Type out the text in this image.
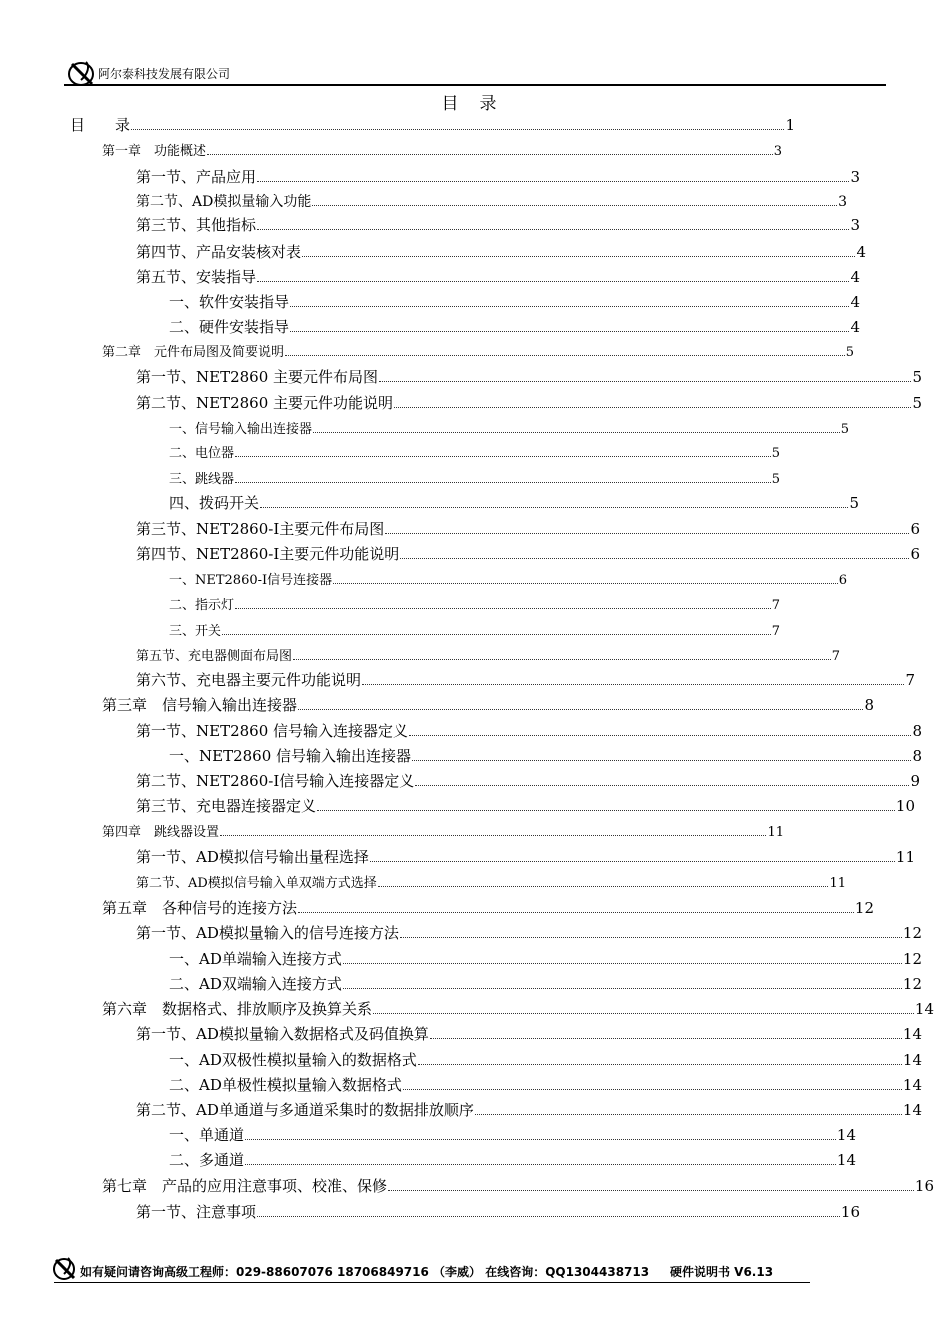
阿尔泰科技发展有限公司
目　录
目　　录	1
第一章　功能概述	3
第一节、产品应用	3
第二节、AD模拟量输入功能	3
第三节、其他指标	3
第四节、产品安装核对表	4
第五节、安装指导	4
一、软件安装指导	4
二、硬件安装指导	4
第二章　元件布局图及简要说明	5
第一节、NET2860 主要元件布局图	5
第二节、NET2860 主要元件功能说明	5
一、信号输入输出连接器	5
二、电位器	5
三、跳线器	5
四、拨码开关	5
第三节、NET2860-I主要元件布局图	6
第四节、NET2860-I主要元件功能说明	6
一、NET2860-I信号连接器	6
二、指示灯	7
三、开关	7
第五节、充电器侧面布局图	7
第六节、充电器主要元件功能说明	7
第三章　信号输入输出连接器	8
第一节、NET2860 信号输入连接器定义	8
一、NET2860 信号输入输出连接器	8
第二节、NET2860-I信号输入连接器定义	9
第三节、充电器连接器定义	10
第四章　跳线器设置	11
第一节、AD模拟信号输出量程选择	11
第二节、AD模拟信号输入单双端方式选择	11
第五章　各种信号的连接方法	12
第一节、AD模拟量输入的信号连接方法	12
一、AD单端输入连接方式	12
二、AD双端输入连接方式	12
第六章　数据格式、排放顺序及换算关系	14
第一节、AD模拟量输入数据格式及码值换算	14
一、AD双极性模拟量输入的数据格式	14
二、AD单极性模拟量输入数据格式	14
第二节、AD单通道与多通道采集时的数据排放顺序	14
一、单通道	14
二、多通道	14
第七章　产品的应用注意事项、校准、保修	16
第一节、注意事项	16
如有疑问请咨询高级工程师：029-88607076 18706849716 （李威） 在线咨询：QQ1304438713     硬件说明书 V6.13
